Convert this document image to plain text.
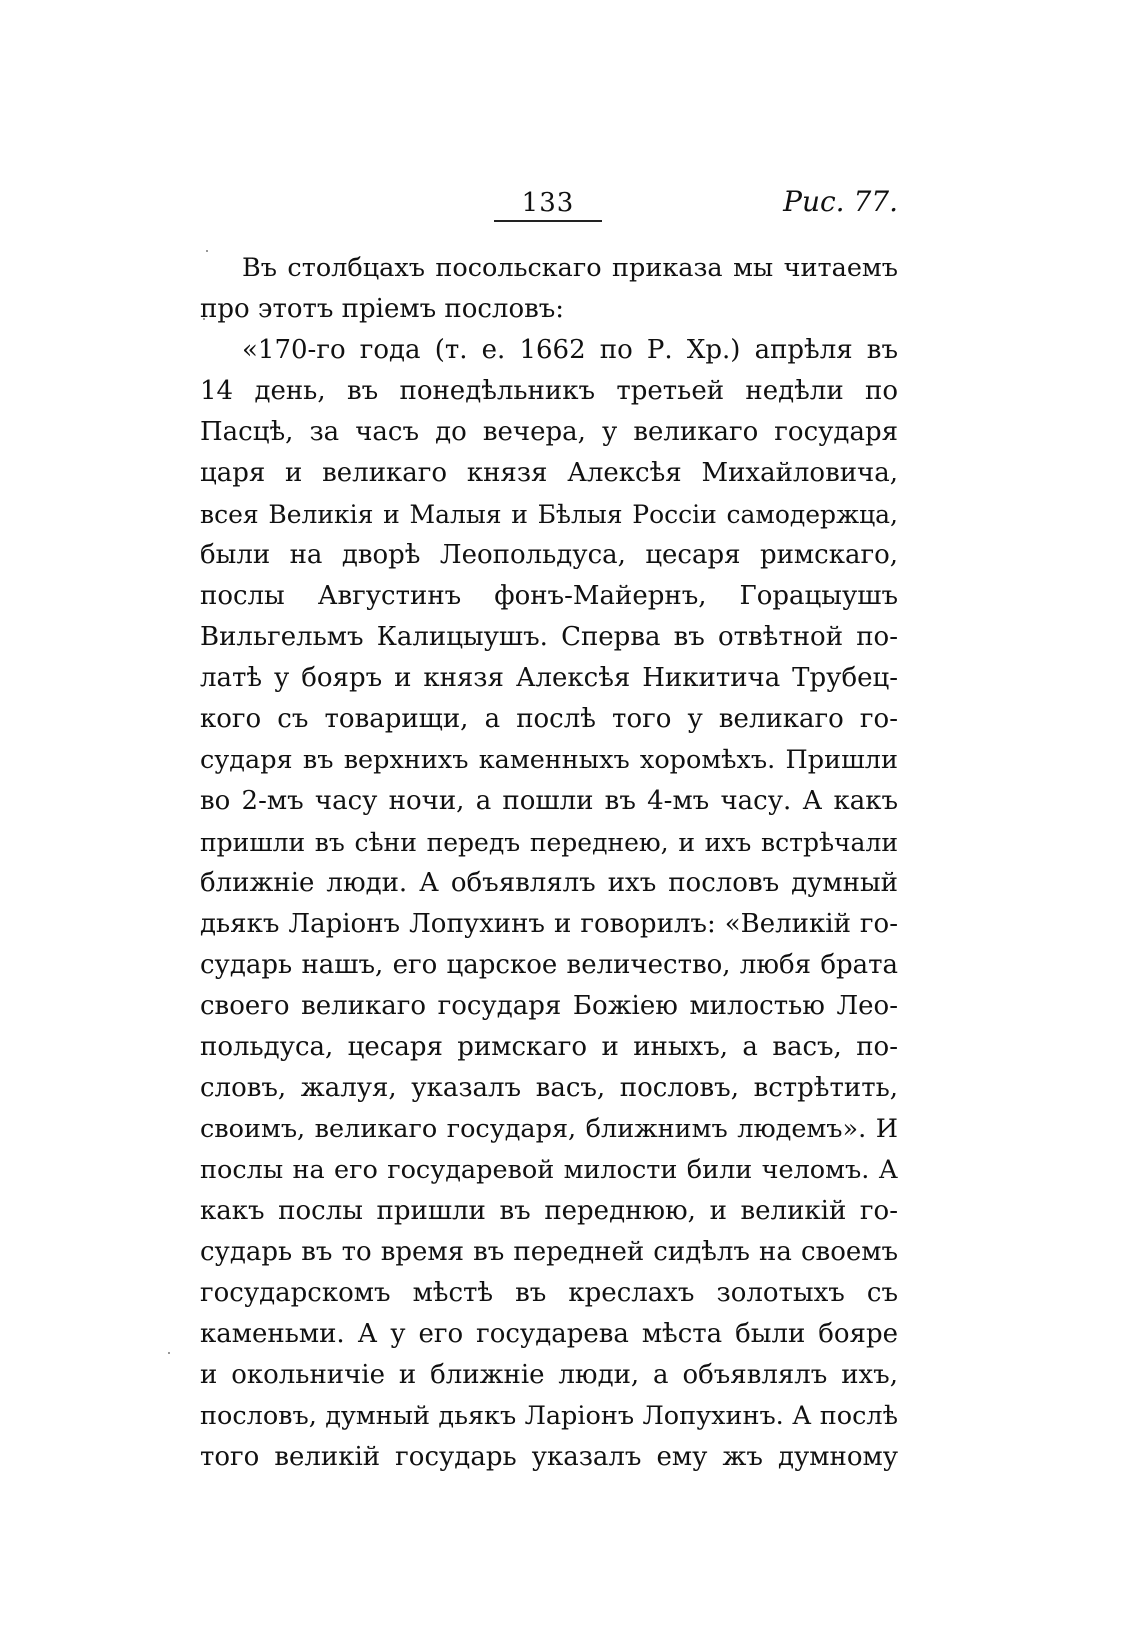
133	Рис. 77.
Въ столбцахъ посольскаго приказа мы читаемъ
про этотъ пріемъ пословъ:
«170-го года (т. е. 1662 по Р. Хр.) апрѣля въ
14 день, въ понедѣльникъ третьей недѣли по
Пасцѣ, за часъ до вечера, у великаго государя
царя и великаго князя Алексѣя Михайловича,
всея Великія и Малыя и Бѣлыя Россіи самодержца,
были на дворѣ Леопольдуса, цесаря римскаго,
послы Августинъ фонъ-Майернъ, Горацыушъ
Вильгельмъ Калицыушъ. Сперва въ отвѣтной по-
латѣ у бояръ и князя Алексѣя Никитича Трубец-
кого съ товарищи, а послѣ того у великаго го-
сударя въ верхнихъ каменныхъ хоромѣхъ. Пришли
во 2-мъ часу ночи, а пошли въ 4-мъ часу. А какъ
пришли въ сѣни передъ переднею, и ихъ встрѣчали
ближніе люди. А объявлялъ ихъ пословъ думный
дьякъ Ларіонъ Лопухинъ и говорилъ: «Великій го-
сударь нашъ, его царское величество, любя брата
своего великаго государя Божіею милостью Лео-
польдуса, цесаря римскаго и иныхъ, а васъ, по-
словъ, жалуя, указалъ васъ, пословъ, встрѣтить,
своимъ, великаго государя, ближнимъ людемъ». И
послы на его государевой милости били челомъ. А
какъ послы пришли въ переднюю, и великій го-
сударь въ то время въ передней сидѣлъ на своемъ
государскомъ мѣстѣ въ креслахъ золотыхъ съ
каменьми. А у его государева мѣста были бояре
и окольничіе и ближніе люди, а объявлялъ ихъ,
пословъ, думный дьякъ Ларіонъ Лопухинъ. А послѣ
того великій государь указалъ ему жъ думному
